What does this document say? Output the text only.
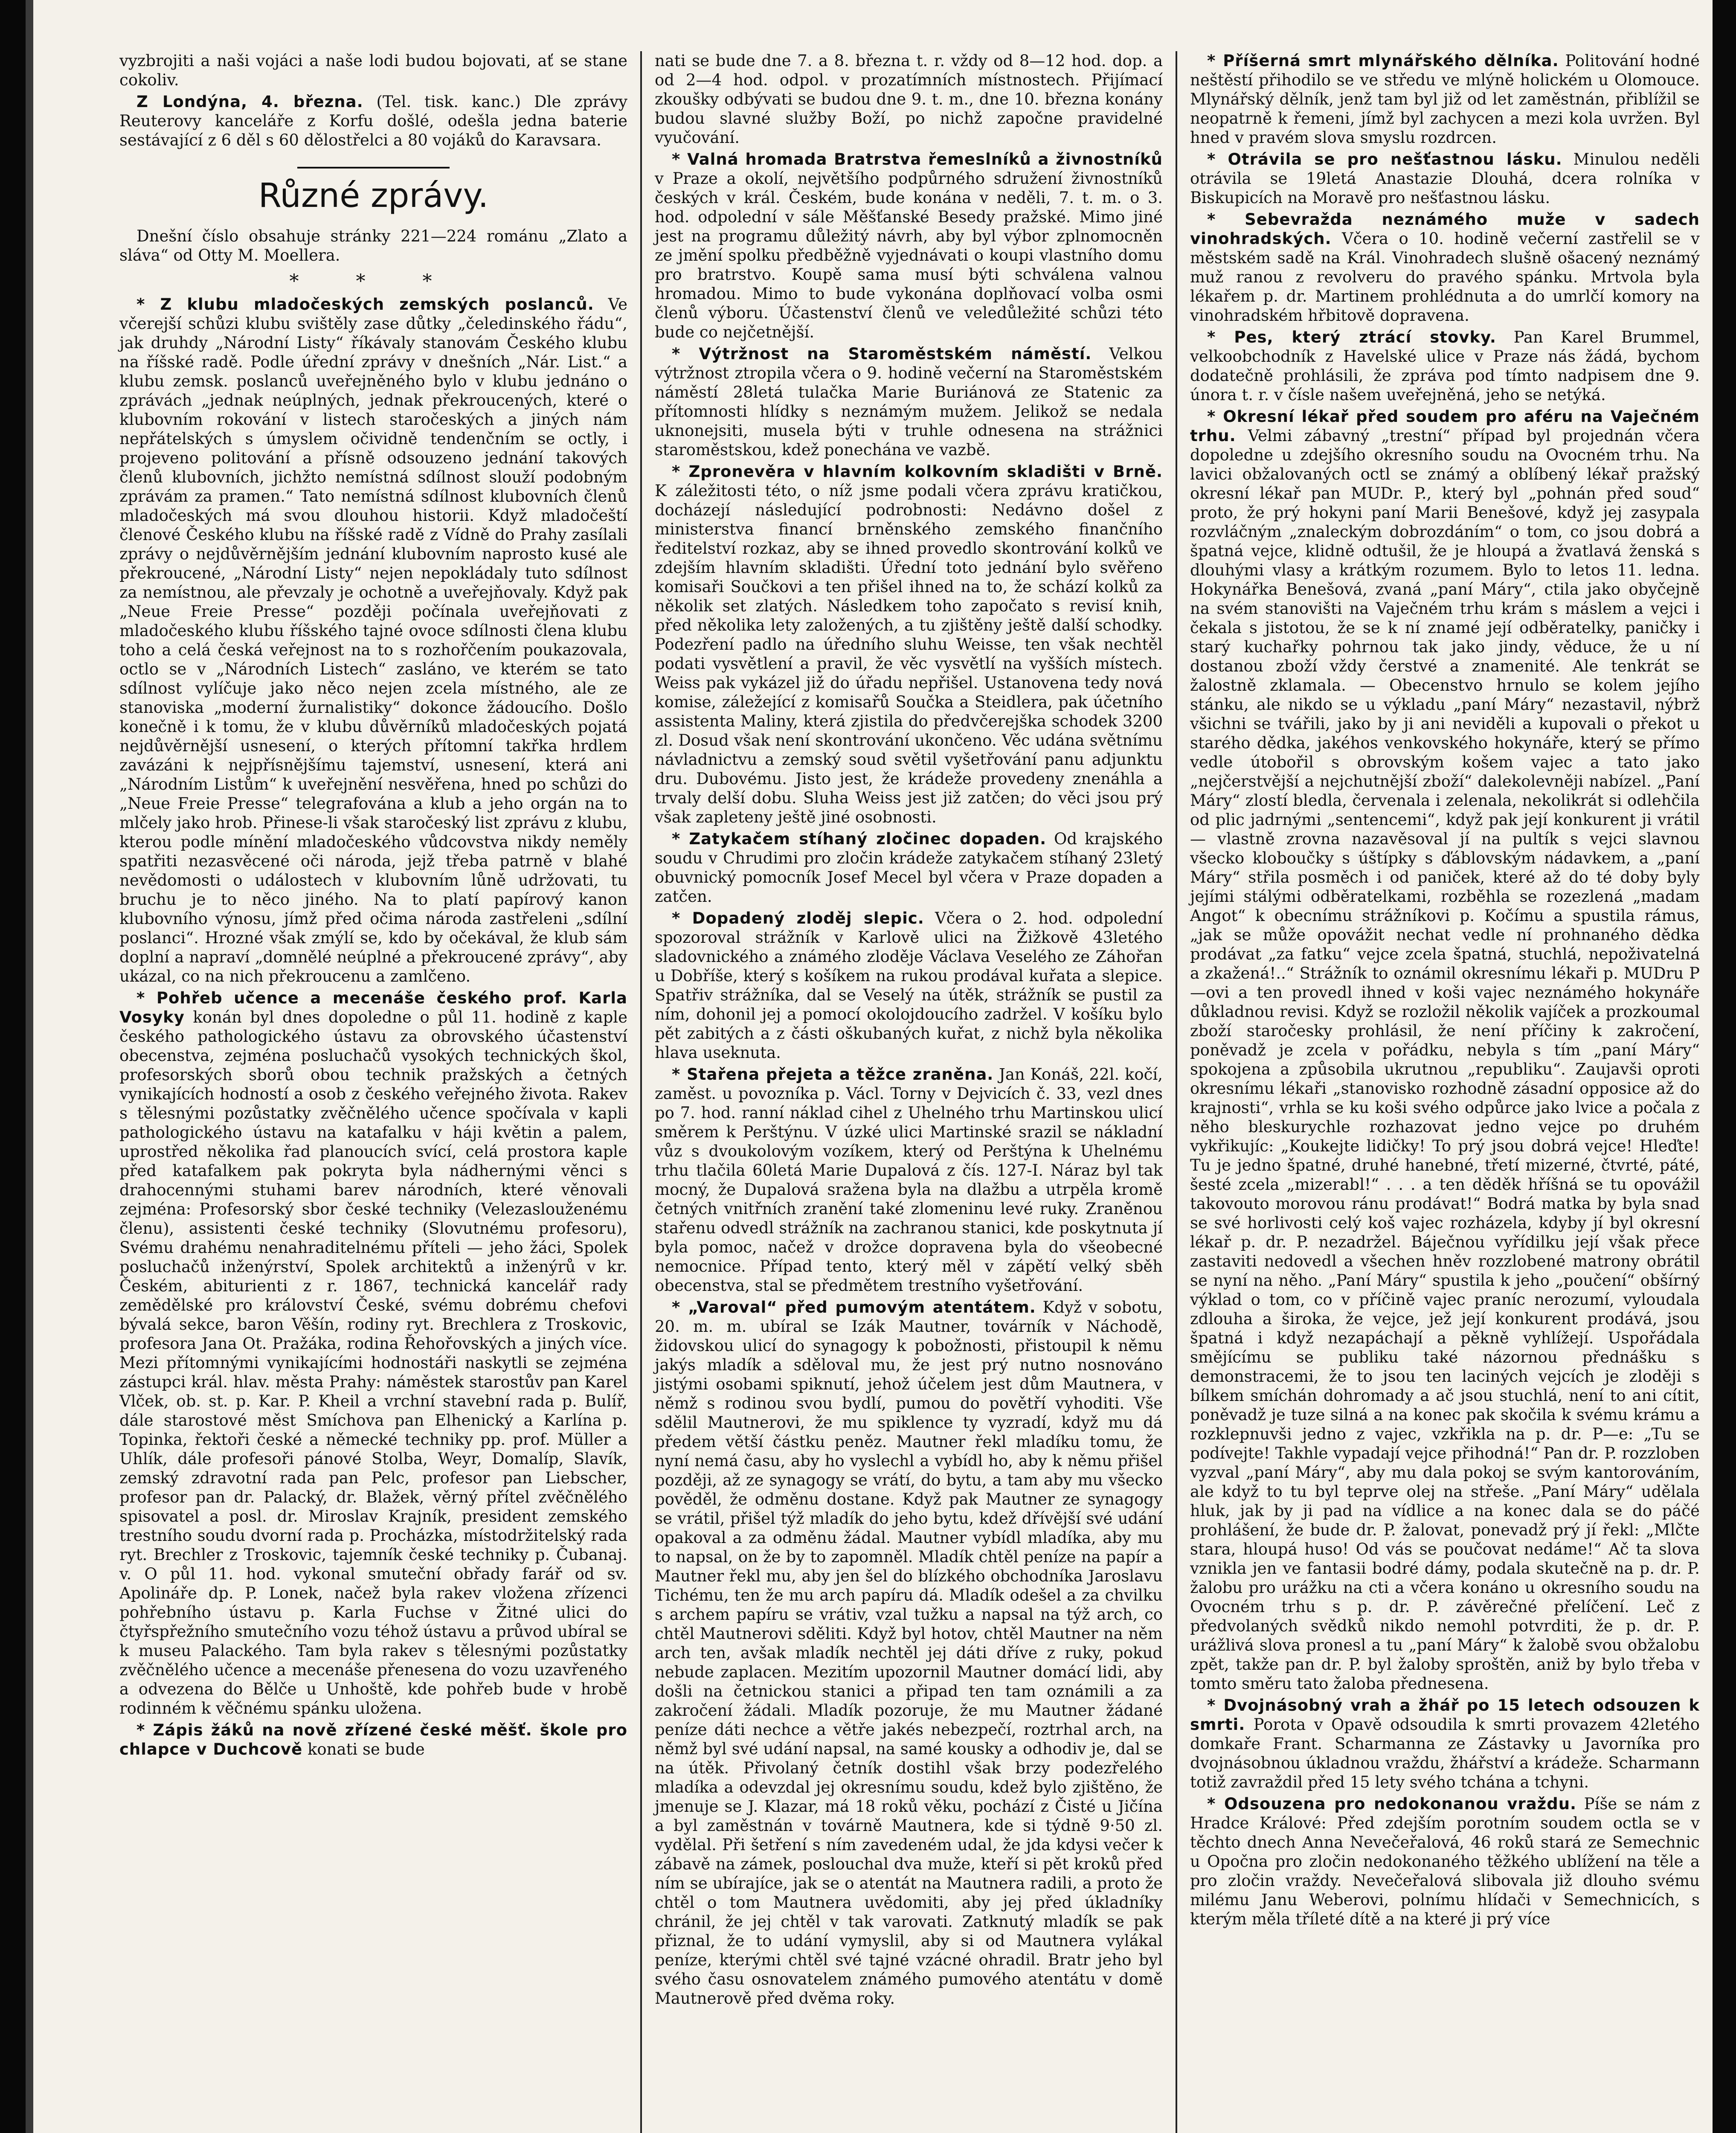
vyzbrojiti a naši vojáci a naše lodi budou bojovati, ať se stane cokoliv.

Z Londýna, 4. března. (Tel. tisk. kanc.) Dle zprávy Reuterovy kanceláře z Korfu došlé, odešla jedna baterie sestávající z 6 děl s 60 dělostřelci a 80 vojáků do Karavsara.

Různé zprávy.

Dnešní číslo obsahuje stránky 221—224 románu „Zlato a sláva“ od Otty M. Moellera.

* * *

* Z klubu mladočeských zemských poslanců. Ve včerejší schůzi klubu svištěly zase důtky „čeledinského řádu“, jak druhdy „Národní Listy“ říkávaly stanovám Českého klubu na říšské radě. Podle úřední zprávy v dnešních „Nár. List.“ a klubu zemsk. poslanců uveřejněného bylo v klubu jednáno o zprávách „jednak neúplných, jednak překroucených, které o klubovním rokování v listech staročeských a jiných nám nepřátelských s úmyslem očividně tendenčním se octly, i projeveno politování a přísně odsouzeno jednání takových členů klubovních, jichžto nemístná sdílnost slouží podobným zprávám za pramen.“ Tato nemístná sdílnost klubovních členů mladočeských má svou dlouhou historii. Když mladočeští členové Českého klubu na říšské radě z Vídně do Prahy zasílali zprávy o nejdůvěrnějším jednání klubovním naprosto kusé ale překroucené, „Národní Listy“ nejen nepokládaly tuto sdílnost za nemístnou, ale převzaly je ochotně a uveřejňovaly. Když pak „Neue Freie Presse“ později počínala uveřejňovati z mladočeského klubu říšského tajné ovoce sdílnosti člena klubu toho a celá česká veřejnost na to s rozhořčením poukazovala, octlo se v „Národních Listech“ zasláno, ve kterém se tato sdílnost vylíčuje jako něco nejen zcela místného, ale ze stanoviska „moderní žurnalistiky“ dokonce žádoucího. Došlo konečně i k tomu, že v klubu důvěrníků mladočeských pojatá nejdůvěrnější usnesení, o kterých přítomní takřka hrdlem zavázáni k nejpřísnějšímu tajemství, usnesení, která ani „Národním Listům“ k uveřejnění nesvěřena, hned po schůzi do „Neue Freie Presse“ telegrafována a klub a jeho orgán na to mlčely jako hrob. Přinese-li však staročeský list zprávu z klubu, kterou podle mínění mladočeského vůdcovstva nikdy neměly spatřiti nezasvěcené oči národa, jejž třeba patrně v blahé nevědomosti o událostech v klubovním lůně udržovati, tu bruchu je to něco jiného. Na to platí papírový kanon klubovního výnosu, jímž před očima národa zastřeleni „sdílní poslanci“. Hrozné však zmýlí se, kdo by očekával, že klub sám doplní a napraví „domnělé neúplné a překroucené zprávy“, aby ukázal, co na nich překroucenu a zamlčeno.

* Pohřeb učence a mecenáše českého prof. Karla Vosyky konán byl dnes dopoledne o půl 11. hodině z kaple českého pathologického ústavu za obrovského účastenství obecenstva, zejména posluchačů vysokých technických škol, profesorských sborů obou technik pražských a četných vynikajících hodností a osob z českého veřejného života. Rakev s tělesnými pozůstatky zvěčnělého učence spočívala v kapli pathologického ústavu na katafalku v háji květin a palem, uprostřed několika řad planoucích svící, celá prostora kaple před katafalkem pak pokryta byla nádhernými věnci s drahocennými stuhami barev národních, které věnovali zejména: Profesorský sbor české techniky (Velezaslouženému členu), assistenti české techniky (Slovutnému profesoru), Svému drahému nenahraditelnému příteli — jeho žáci, Spolek posluchačů inženýrství, Spolek architektů a inženýrů v kr. Českém, abiturienti z r. 1867, technická kancelář rady zemědělské pro království České, svému dobrému chefovi bývalá sekce, baron Věšín, rodiny ryt. Brechlera z Troskovic, profesora Jana Ot. Pražáka, rodina Řehořovských a jiných více. Mezi přítomnými vynikajícími hodnostáři naskytli se zejména zástupci král. hlav. města Prahy: náměstek starostův pan Karel Vlček, ob. st. p. Kar. P. Kheil a vrchní stavební rada p. Bulíř, dále starostové měst Smíchova pan Elhenický a Karlína p. Topinka, řektoři české a německé techniky pp. prof. Müller a Uhlík, dále profesoři pánové Stolba, Weyr, Domalíp, Slavík, zemský zdravotní rada pan Pelc, profesor pan Liebscher, profesor pan dr. Palacký, dr. Blažek, věrný přítel zvěčnělého spisovatel a posl. dr. Miroslav Krajník, president zemského trestního soudu dvorní rada p. Procházka, místodržitelský rada ryt. Brechler z Troskovic, tajemník české techniky p. Čubanaj. v. O půl 11. hod. vykonal smuteční obřady farář od sv. Apolináře dp. P. Lonek, načež byla rakev vložena zřízenci pohřebního ústavu p. Karla Fuchse v Žitné ulici do čtyřspřežního smutečního vozu téhož ústavu a průvod ubíral se k museu Palackého. Tam byla rakev s tělesnými pozůstatky zvěčnělého učence a mecenáše přenesena do vozu uzavřeného a odvezena do Bělče u Unhoště, kde pohřeb bude v hrobě rodinném k věčnému spánku uložena.

* Zápis žáků na nově zřízené české měšť. škole pro chlapce v Duchcově konati se bude

nati se bude dne 7. a 8. března t. r. vždy od 8—12 hod. dop. a od 2—4 hod. odpol. v prozatímních místnostech. Přijímací zkoušky odbývati se budou dne 9. t. m., dne 10. března konány budou slavné služby Boží, po nichž započne pravidelné vyučování.

* Valná hromada Bratrstva řemeslníků a živnostníků v Praze a okolí, největšího podpůrného sdružení živnostníků českých v král. Českém, bude konána v neděli, 7. t. m. o 3. hod. odpolední v sále Měšťanské Besedy pražské. Mimo jiné jest na programu důležitý návrh, aby byl výbor zplnomocněn ze jmění spolku předběžně vyjednávati o koupi vlastního domu pro bratrstvo. Koupě sama musí býti schválena valnou hromadou. Mimo to bude vykonána doplňovací volba osmi členů výboru. Účastenství členů ve veledůležité schůzi této bude co nejčetnější.

* Výtržnost na Staroměstském náměstí. Velkou výtržnost ztropila včera o 9. hodině večerní na Staroměstském náměstí 28letá tulačka Marie Buriánová ze Statenic za přítomnosti hlídky s neznámým mužem. Jelikož se nedala uknonejsiti, musela býti v truhle odnesena na strážnici staroměstskou, kdež ponechána ve vazbě.

* Zpronevěra v hlavním kolkovním skladišti v Brně. K záležitosti této, o níž jsme podali včera zprávu kratičkou, docházejí následující podrobnosti: Nedávno došel z ministerstva financí brněnského zemského finančního ředitelství rozkaz, aby se ihned provedlo skontrování kolků ve zdejším hlavním skladišti. Úřední toto jednání bylo svěřeno komisaři Součkovi a ten přišel ihned na to, že schází kolků za několik set zlatých. Následkem toho započato s revisí knih, před několika lety založených, a tu zjištěny ještě další schodky. Podezření padlo na úředního sluhu Weisse, ten však nechtěl podati vysvětlení a pravil, že věc vysvětlí na vyšších místech. Weiss pak vykázel již do úřadu nepřišel. Ustanovena tedy nová komise, záležející z komisařů Součka a Steidlera, pak účetního assistenta Maliny, která zjistila do předvčerejška schodek 3200 zl. Dosud však není skontrování ukončeno. Věc udána světnímu návladnictvu a zemský soud světil vyšetřování panu adjunktu dru. Dubovému. Jisto jest, že krádeže provedeny znenáhla a trvaly delší dobu. Sluha Weiss jest již zatčen; do věci jsou prý však zapleteny ještě jiné osobnosti.

* Zatykačem stíhaný zločinec dopaden. Od krajského soudu v Chrudimi pro zločin krádeže zatykačem stíhaný 23letý obuvnický pomocník Josef Mecel byl včera v Praze dopaden a zatčen.

* Dopadený zloděj slepic. Včera o 2. hod. odpolední spozoroval strážník v Karlově ulici na Žižkově 43letého sladovnického a známého zloděje Václava Veselého ze Záhořan u Dobříše, který s košíkem na rukou prodával kuřata a slepice. Spatřiv strážníka, dal se Veselý na útěk, strážník se pustil za ním, dohonil jej a pomocí okolojdoucího zadržel. V košíku bylo pět zabitých a z části oškubaných kuřat, z nichž byla několika hlava useknuta.

* Stařena přejeta a těžce zraněna. Jan Konáš, 22l. kočí, zaměst. u povozníka p. Václ. Torny v Dejvicích č. 33, vezl dnes po 7. hod. ranní náklad cihel z Uhelného trhu Martinskou ulicí směrem k Perštýnu. V úzké ulici Martinské srazil se nákladní vůz s dvoukolovým vozíkem, který od Perštýna k Uhelnému trhu tlačila 60letá Marie Dupalová z čís. 127-I. Náraz byl tak mocný, že Dupalová sražena byla na dlažbu a utrpěla kromě četných vnitřních zranění také zlomeninu levé ruky. Zraněnou stařenu odvedl strážník na zachranou stanici, kde poskytnuta jí byla pomoc, načež v drožce dopravena byla do všeobecné nemocnice. Případ tento, který měl v zápětí velký sběh obecenstva, stal se předmětem trestního vyšetřování.

* „Varoval“ před pumovým atentátem. Když v sobotu, 20. m. m. ubíral se Izák Mautner, továrník v Náchodě, židovskou ulicí do synagogy k pobožnosti, přistoupil k němu jakýs mladík a sděloval mu, že jest prý nutno nosnováno jistými osobami spiknutí, jehož účelem jest dům Mautnera, v němž s rodinou svou bydlí, pumou do povětří vyhoditi. Vše sdělil Mautnerovi, že mu spiklence ty vyzradí, když mu dá předem větší částku peněz. Mautner řekl mladíku tomu, že nyní nemá času, aby ho vyslechl a vybídl ho, aby k němu přišel později, až ze synagogy se vrátí, do bytu, a tam aby mu všecko pověděl, že odměnu dostane. Když pak Mautner ze synagogy se vrátil, přišel týž mladík do jeho bytu, kdež dřívější své udání opakoval a za odměnu žádal. Mautner vybídl mladíka, aby mu to napsal, on že by to zapomněl. Mladík chtěl peníze na papír a Mautner řekl mu, aby jen šel do blízkého obchodníka Jaroslavu Tichému, ten že mu arch papíru dá. Mladík odešel a za chvilku s archem papíru se vrátiv, vzal tužku a napsal na týž arch, co chtěl Mautnerovi sděliti. Když byl hotov, chtěl Mautner na něm arch ten, avšak mladík nechtěl jej dáti dříve z ruky, pokud nebude zaplacen. Mezitím upozornil Mautner domácí lidi, aby došli na četnickou stanici a připad ten tam oznámili a za zakročení žádali. Mladík pozoruje, že mu Mautner žádané peníze dáti nechce a větře jakés nebezpečí, roztrhal arch, na němž byl své udání napsal, na samé kousky a odhodiv je, dal se na útěk. Přivolaný četník dostihl však brzy podezřelého mladíka a odevzdal jej okresnímu soudu, kdež bylo zjištěno, že jmenuje se J. Klazar, má 18 roků věku, pochází z Čisté u Jičína a byl zaměstnán v továrně Mautnera, kde si týdně 9·50 zl. vydělal. Při šetření s ním zavedeném udal, že jda kdysi večer k zábavě na zámek, poslouchal dva muže, kteří si pět kroků před ním se ubírajíce, jak se o atentát na Mautnera radili, a proto že chtěl o tom Mautnera uvědomiti, aby jej před úkladníky chránil, že jej chtěl v tak varovati. Zatknutý mladík se pak přiznal, že to udání vymyslil, aby si od Mautnera vylákal peníze, kterými chtěl své tajné vzácné ohradil. Bratr jeho byl svého času osnovatelem známého pumového atentátu v domě Mautnerově před dvěma roky.

* Příšerná smrt mlynářského dělníka. Politování hodné neštěstí přihodilo se ve středu ve mlýně holickém u Olomouce. Mlynářský dělník, jenž tam byl již od let zaměstnán, přiblížil se neopatrně k řemeni, jímž byl zachycen a mezi kola uvržen. Byl hned v pravém slova smyslu rozdrcen.

* Otrávila se pro nešťastnou lásku. Minulou neděli otrávila se 19letá Anastazie Dlouhá, dcera rolníka v Biskupicích na Moravě pro nešťastnou lásku.

* Sebevražda neznámého muže v sadech vinohradských. Včera o 10. hodině večerní zastřelil se v městském sadě na Král. Vinohradech slušně ošacený neznámý muž ranou z revolveru do pravého spánku. Mrtvola byla lékařem p. dr. Martinem prohlédnuta a do umrlčí komory na vinohradském hřbitově dopravena.

* Pes, který ztrácí stovky. Pan Karel Brummel, velkoobchodník z Havelské ulice v Praze nás žádá, bychom dodatečně prohlásili, že zpráva pod tímto nadpisem dne 9. února t. r. v čísle našem uveřejněná, jeho se netýká.

* Okresní lékař před soudem pro aféru na Vaječném trhu. Velmi zábavný „trestní“ případ byl projednán včera dopoledne u zdejšího okresního soudu na Ovocném trhu. Na lavici obžalovaných octl se známý a oblíbený lékař pražský okresní lékař pan MUDr. P., který byl „pohnán před soud“ proto, že prý hokyni paní Marii Benešové, když jej zasypala rozvláčným „znaleckým dobrozdáním“ o tom, co jsou dobrá a špatná vejce, klidně odtušil, že je hloupá a žvatlavá ženská s dlouhými vlasy a krátkým rozumem. Bylo to letos 11. ledna. Hokynářka Benešová, zvaná „paní Máry“, ctila jako obyčejně na svém stanovišti na Vaječném trhu krám s máslem a vejci i čekala s jistotou, že se k ní znamé její odběratelky, paničky i starý kuchařky pohrnou tak jako jindy, věduce, že u ní dostanou zboží vždy čerstvé a znamenité. Ale tenkrát se žalostně zklamala. — Obecenstvo hrnulo se kolem jejího stánku, ale nikdo se u výkladu „paní Máry“ nezastavil, nýbrž všichni se tvářili, jako by ji ani neviděli a kupovali o překot u starého dědka, jakéhos venkovského hokynáře, který se přímo vedle útobořil s obrovským košem vajec a tato jako „nejčerstvější a nejchutnější zboží“ dalekolevněji nabízel. „Paní Máry“ zlostí bledla, červenala i zelenala, nekolikrát si odlehčila od plic jadrnými „sentencemi“, když pak její konkurent ji vrátil — vlastně zrovna nazavěsoval jí na pultík s vejci slavnou všecko kloboučky s úštípky s ďáblovským nádavkem, a „paní Máry“ střila posměch i od paniček, které až do té doby byly jejími stálými odběratelkami, rozběhla se rozezlená „madam Angot“ k obecnímu strážníkovi p. Kočímu a spustila rámus, „jak se může opovážit nechat vedle ní prohnaného dědka prodávat „za fatku“ vejce zcela špatná, stuchlá, nepoživatelná a zkažená!..“ Strážník to oznámil okresnímu lékaři p. MUDru P—ovi a ten provedl ihned v koši vajec neznámého hokynáře důkladnou revisi. Když se rozložil několik vajíček a prozkoumal zboží staročesky prohlásil, že není příčiny k zakročení, poněvadž je zcela v pořádku, nebyla s tím „paní Máry“ spokojena a způsobila ukrutnou „republiku“. Zaujavši oproti okresnímu lékaři „stanovisko rozhodně zásadní opposice až do krajnosti“, vrhla se ku koši svého odpůrce jako lvice a počala z něho bleskurychle rozhazovat jedno vejce po druhém vykřikujíc: „Koukejte lidičky! To prý jsou dobrá vejce! Hleďte! Tu je jedno špatné, druhé hanebné, třetí mizerné, čtvrté, páté, šesté zcela „mizerabl!“ . . . a ten děděk hříšná se tu opovážil takovouto morovou ránu prodávat!“ Bodrá matka by byla snad se své horlivosti celý koš vajec rozházela, kdyby jí byl okresní lékař p. dr. P. nezadržel. Báječnou vyřídilku její však přece zastaviti nedovedl a všechen hněv rozzlobené matrony obrátil se nyní na něho. „Paní Máry“ spustila k jeho „poučení“ obšírný výklad o tom, co v příčině vajec praníc nerozumí, vyloudala zdlouha a široka, že vejce, jež její konkurent prodává, jsou špatná i když nezapáchají a pěkně vyhlížejí. Uspořádala smějícímu se publiku také názornou přednášku s demonstracemi, že to jsou ten laciných vejcích je zloději s bílkem smíchán dohromady a ač jsou stuchlá, není to ani cítit, poněvadž je tuze silná a na konec pak skočila k svému krámu a rozklepnuvši jedno z vajec, vzkřikla na p. dr. P—e: „Tu se podívejte! Takhle vypadají vejce přihodná!“ Pan dr. P. rozzloben vyzval „paní Máry“, aby mu dala pokoj se svým kantorováním, ale když to tu byl teprve olej na střeše. „Paní Máry“ udělala hluk, jak by ji pad na vídlice a na konec dala se do páčé prohlášení, že bude dr. P. žalovat, ponevadž prý jí řekl: „Mlčte stara, hloupá huso! Od vás se poučovat nedáme!“ Ač ta slova vznikla jen ve fantasii bodré dámy, podala skutečně na p. dr. P. žalobu pro urážku na cti a včera konáno u okresního soudu na Ovocném trhu s p. dr. P. závěrečné přelíčení. Leč z předvolaných svědků nikdo nemohl potvrditi, že p. dr. P. urážlivá slova pronesl a tu „paní Máry“ k žalobě svou obžalobu zpět, takže pan dr. P. byl žaloby sproštěn, aniž by bylo třeba v tomto směru tato žaloba přednesena.

* Dvojnásobný vrah a žhář po 15 letech odsouzen k smrti. Porota v Opavě odsoudila k smrti provazem 42letého domkaře Frant. Scharmanna ze Zástavky u Javorníka pro dvojnásobnou úkladnou vraždu, žhářství a krádeže. Scharmann totiž zavraždil před 15 lety svého tchána a tchyni.

* Odsouzena pro nedokonanou vraždu. Píše se nám z Hradce Králové: Před zdejším porotním soudem octla se v těchto dnech Anna Nevečeřalová, 46 roků stará ze Semechnic u Opočna pro zločin nedokonaného těžkého ublížení na těle a pro zločin vraždy. Nevečeřalová slibovala již dlouho svému milému Janu Weberovi, polnímu hlídači v Semechnicích, s kterým měla tříleté dítě a na které ji prý více
